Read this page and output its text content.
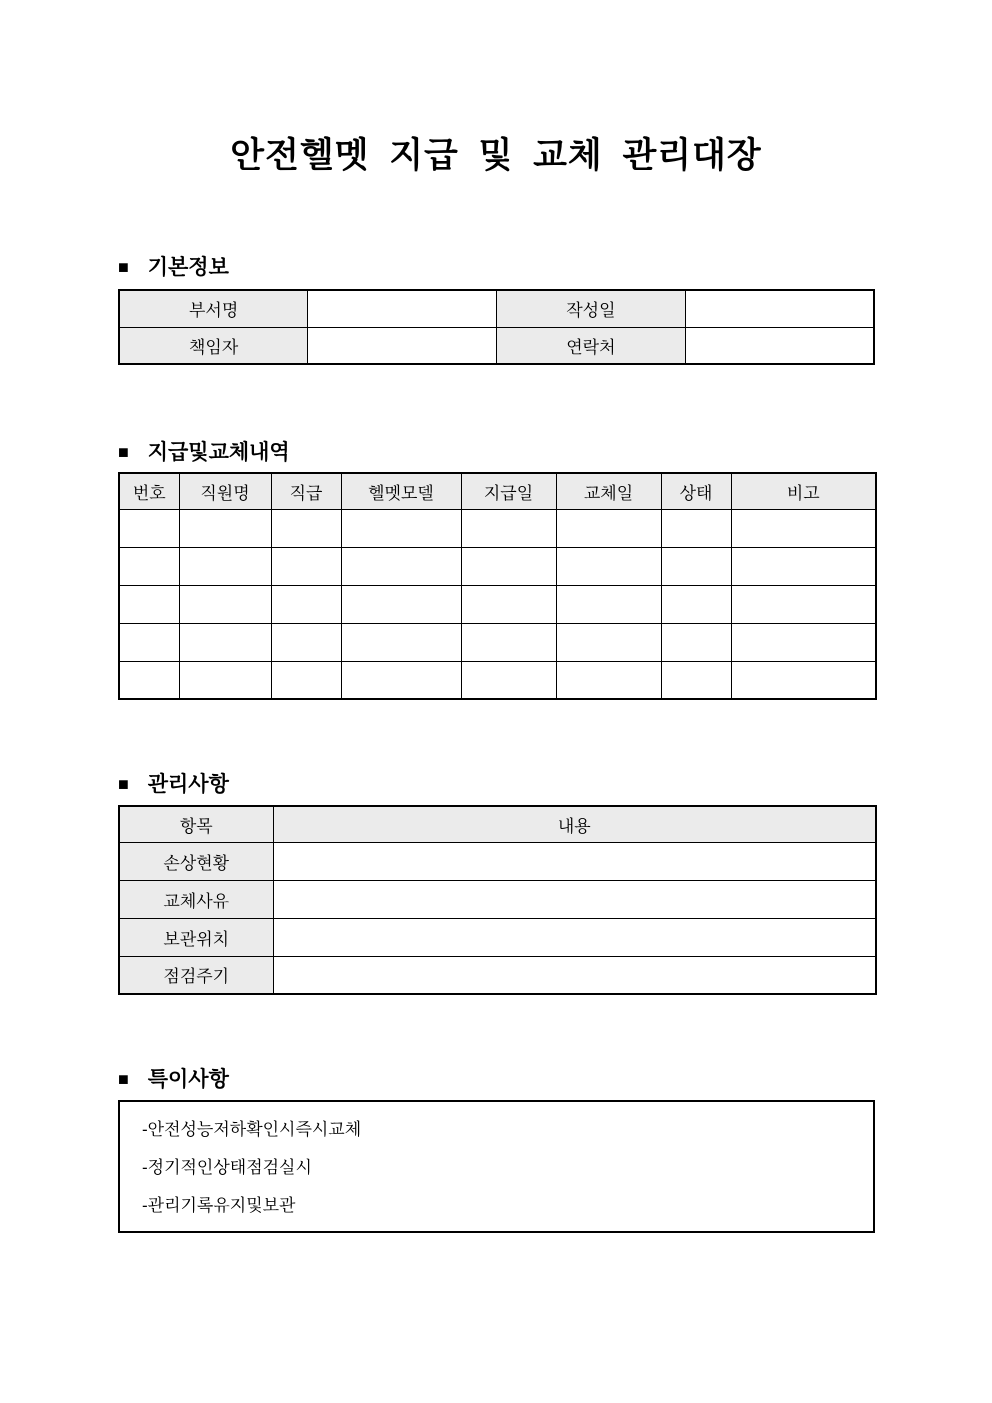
안전헬멧 지급 및 교체 관리대장
■ 기본정보
부서명		작성일	
책임자		연락처	
■ 지급및교체내역
번호	직원명	직급	헬멧모델	지급일	교체일	상태	비고

■ 관리사항
항목	내용
손상현황	
교체사유	
보관위치	
점검주기	
■ 특이사항

-안전성능저하확인시즉시교체

-정기적인상태점검실시

-관리기록유지및보관
